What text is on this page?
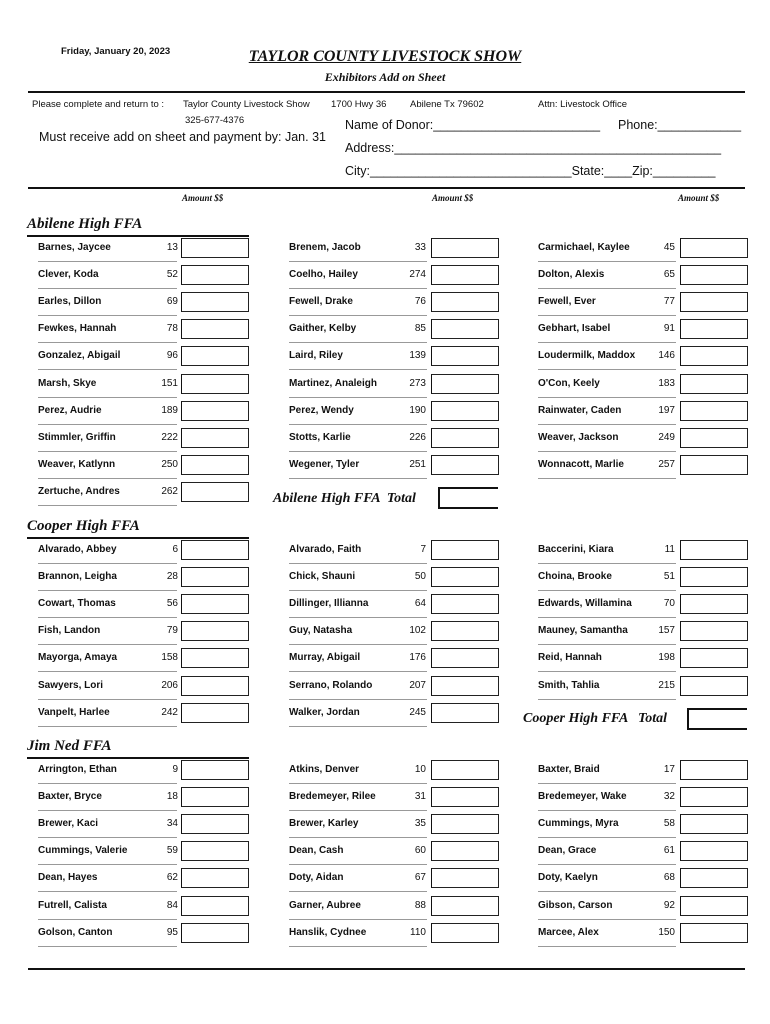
Friday, January 20, 2023	TAYLOR COUNTY LIVESTOCK SHOW
Exhibitors Add on Sheet
Please complete and return to : Taylor County Livestock Show 1700 Hwy 36 Abilene Tx 79602	Attn: Livestock Office
325-677-4376
Must receive add on sheet and payment by: Jan. 31
Name of Donor:________________________ Phone:____________
Address:_______________________________________________
City:_____________________________State:____Zip:_________
Amount $$	Amount $$	Amount $$
Abilene High FFA
Cooper High FFA
Jim Ned FFA
Abilene High FFA  Total
Cooper High FFA   Total
Barnes, Jaycee	13
Clever, Koda	52
Earles, Dillon	69
Fewkes, Hannah	78
Gonzalez, Abigail	96
Marsh, Skye	151
Perez, Audrie	189
Stimmler, Griffin	222
Weaver, Katlynn	250
Zertuche, Andres	262
Brenem, Jacob	33
Coelho, Hailey	274
Fewell, Drake	76
Gaither, Kelby	85
Laird, Riley	139
Martinez, Analeigh	273
Perez, Wendy	190
Stotts, Karlie	226
Wegener, Tyler	251
Carmichael, Kaylee	45
Dolton, Alexis	65
Fewell, Ever	77
Gebhart, Isabel	91
Loudermilk, Maddox	146
O'Con, Keely	183
Rainwater, Caden	197
Weaver, Jackson	249
Wonnacott, Marlie	257
Alvarado, Abbey	6
Brannon, Leigha	28
Cowart, Thomas	56
Fish, Landon	79
Mayorga, Amaya	158
Sawyers, Lori	206
Vanpelt, Harlee	242
Alvarado, Faith	7
Chick, Shauni	50
Dillinger, Illianna	64
Guy, Natasha	102
Murray, Abigail	176
Serrano, Rolando	207
Walker, Jordan	245
Baccerini, Kiara	11
Choina, Brooke	51
Edwards, Willamina	70
Mauney, Samantha	157
Reid, Hannah	198
Smith, Tahlia	215
Arrington, Ethan	9
Baxter, Bryce	18
Brewer, Kaci	34
Cummings, Valerie	59
Dean, Hayes	62
Futrell, Calista	84
Golson, Canton	95
Atkins, Denver	10
Bredemeyer, Rilee	31
Brewer, Karley	35
Dean, Cash	60
Doty, Aidan	67
Garner, Aubree	88
Hanslik, Cydnee	110
Baxter, Braid	17
Bredemeyer, Wake	32
Cummings, Myra	58
Dean, Grace	61
Doty, Kaelyn	68
Gibson, Carson	92
Marcee, Alex	150
